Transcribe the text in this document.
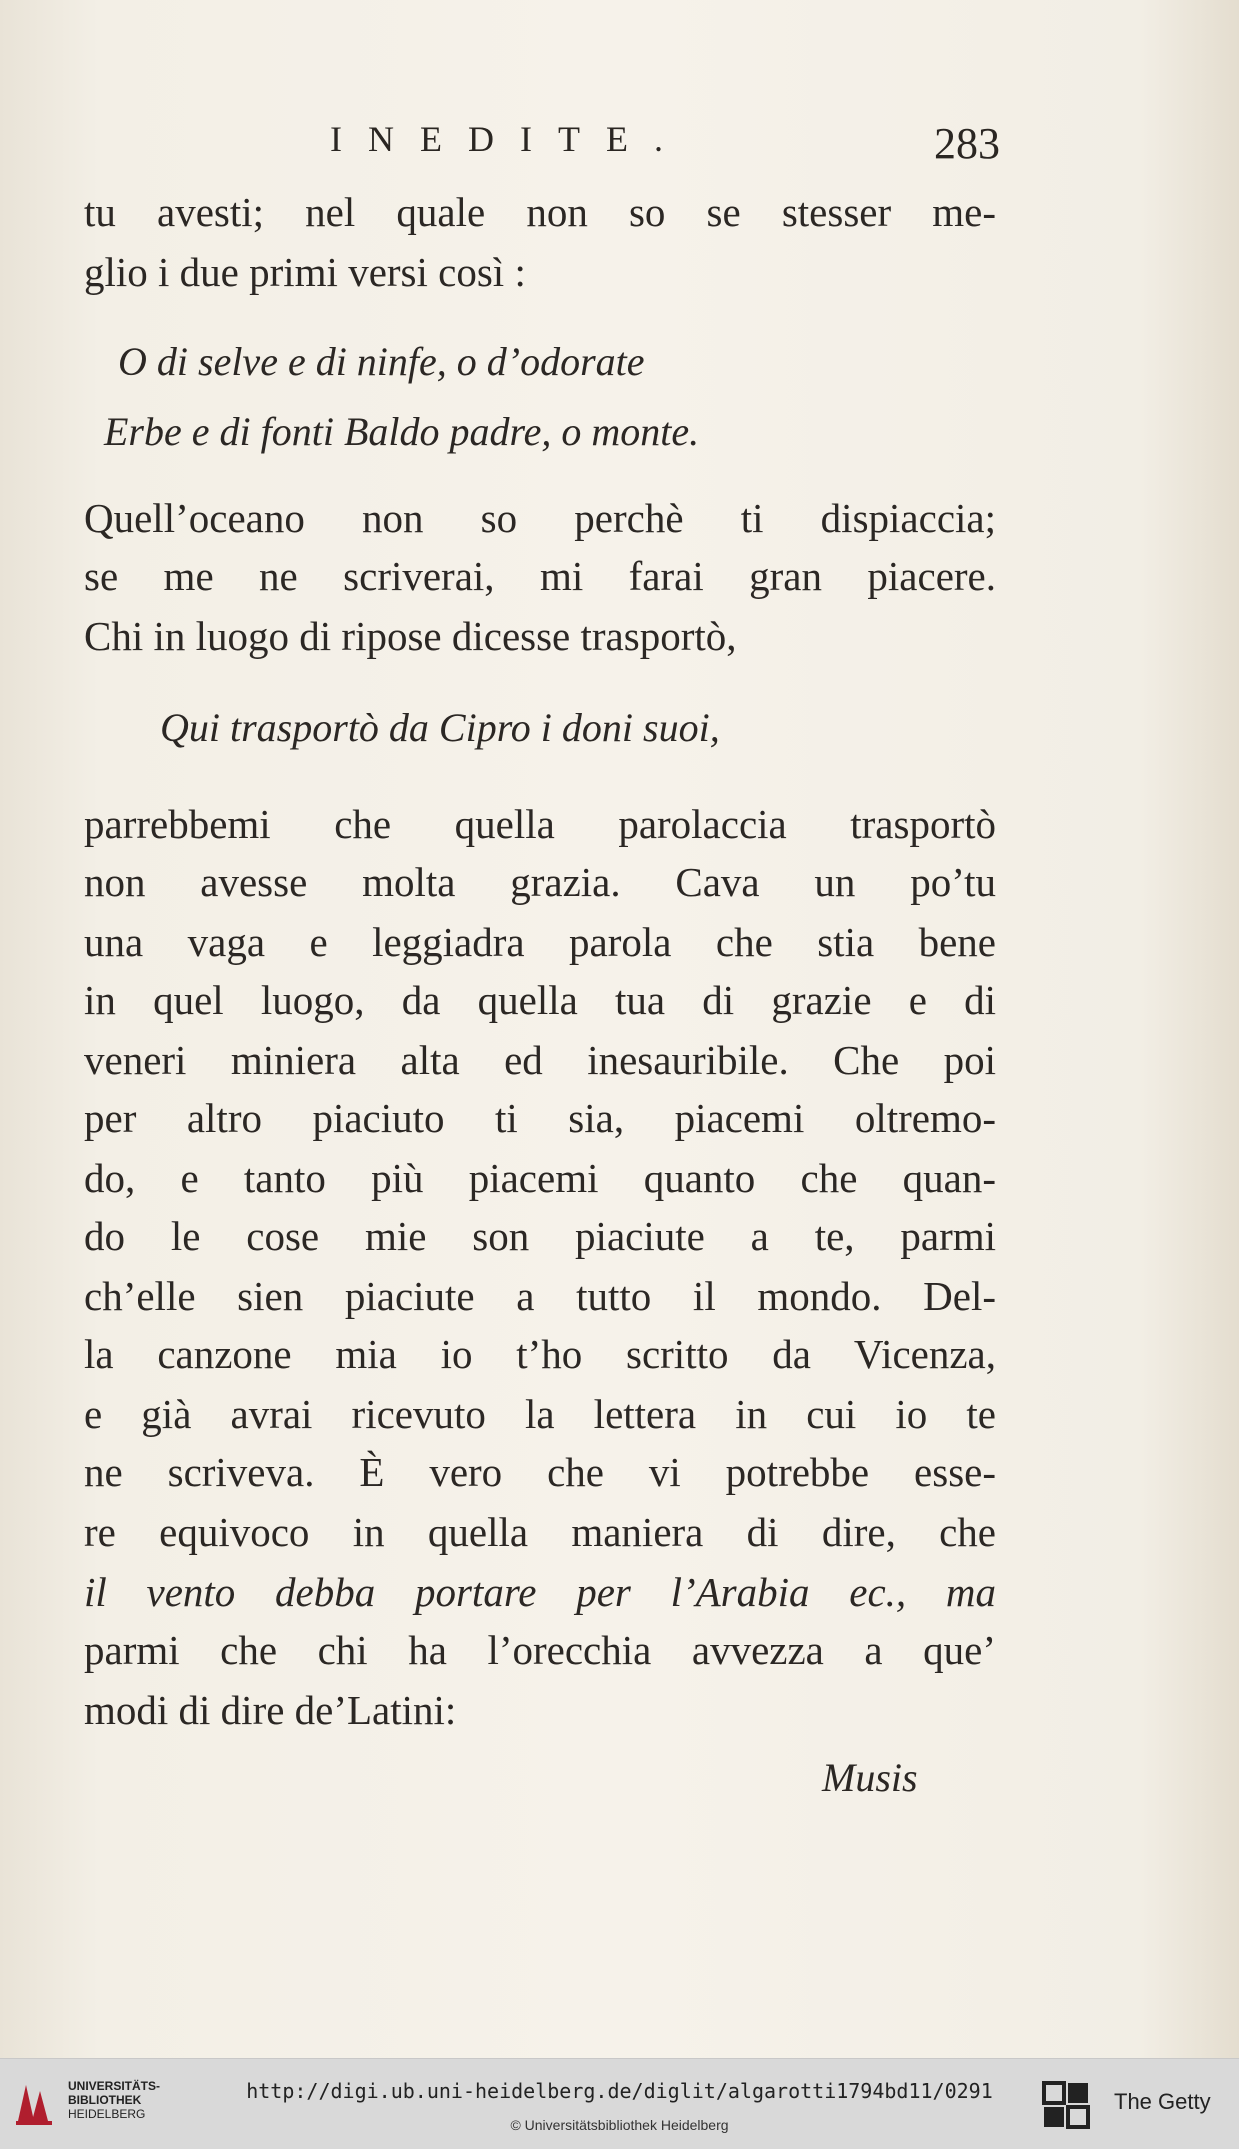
INEDITE.	283
tu avesti; nel quale non so se stesser me-
glio i due primi versi così :
O di selve e di ninfe, o d’odorate
Erbe e di fonti Baldo padre, o monte.
Quell’oceano non so perchè ti dispiaccia;
se me ne scriverai, mi farai gran piacere.
Chi in luogo di ripose dicesse trasportò,
Qui trasportò da Cipro i doni suoi,
parrebbemi che quella parolaccia trasportò
non avesse molta grazia. Cava un po’tu
una vaga e leggiadra parola che stia bene
in quel luogo, da quella tua di grazie e di
veneri miniera alta ed inesauribile. Che poi
per altro piaciuto ti sia, piacemi oltremo-
do, e tanto più piacemi quanto che quan-
do le cose mie son piaciute a te, parmi
ch’elle sien piaciute a tutto il mondo. Del-
la canzone mia io t’ho scritto da Vicenza,
e già avrai ricevuto la lettera in cui io te
ne scriveva. È vero che vi potrebbe esse-
re equivoco in quella maniera di dire, che
il vento debba portare per l’Arabia ec., ma
parmi che chi ha l’orecchia avvezza a que’
modi di dire de’Latini:
Musis
UNIVERSITÄTS-
BIBLIOTHEK
HEIDELBERG
http://digi.ub.uni-heidelberg.de/diglit/algarotti1794bd11/0291
© Universitätsbibliothek Heidelberg
The Getty
